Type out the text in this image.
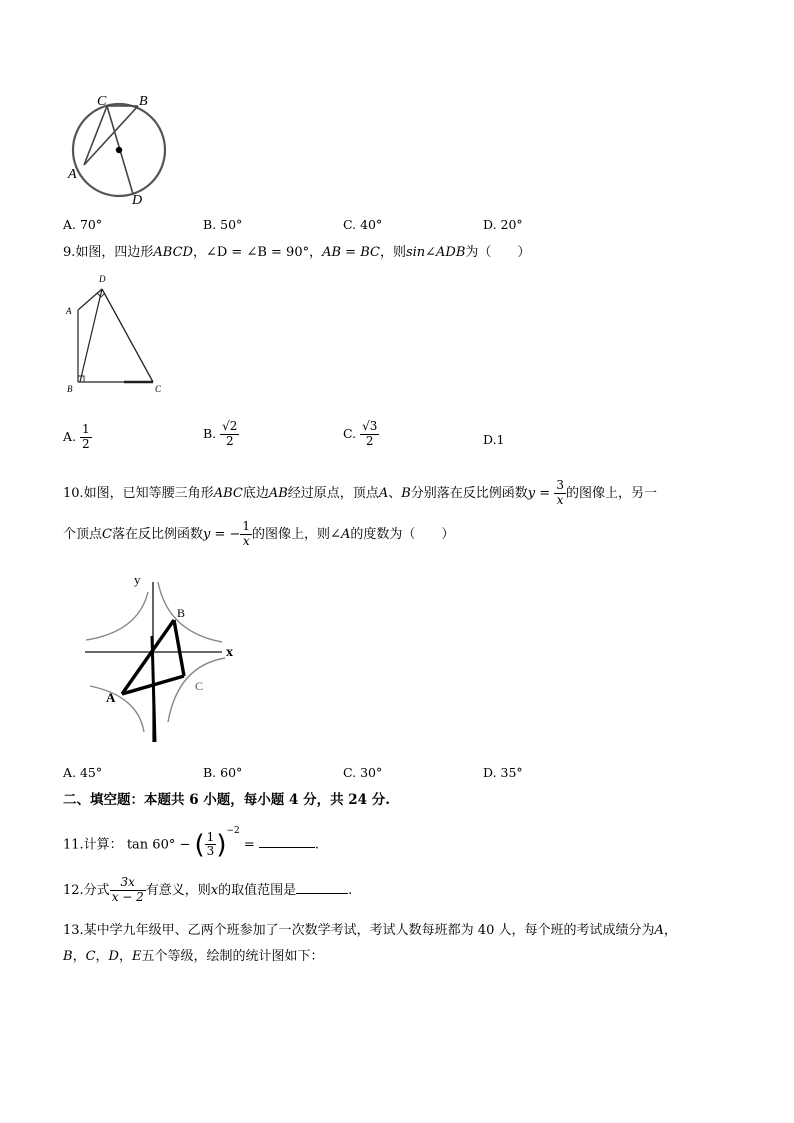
A
C B
D
A. 70°	B. 50°	C. 40°	D. 20°
9.如图，四边形ABCD，∠D = ∠B = 90°，AB = BC，则sin∠ADB为（　　）
D
A
B	C
A. $\frac{1}{2}$	B. $\frac{√2}{2}$	C. $\frac{√3}{2}$	D.1
10.如图，已知等腰三角形ABC底边AB经过原点，顶点A、B分别落在反比例函数$y = \frac{3}{x}$ 的图像上，另一
个顶点C落在反比例函数y = − $\frac{1}{x}$ 的图像上，则∠A的度数为（　　）
x
y
B
A
C
A. 45°	B. 60°	C. 30°	D. 35°
二、填空题：本题共 6 小题，每小题 4 分，共 24 分.
11.计算： tan 60° − ( $\frac{1}{3} )^{-2}$ =	.
12.分式 $\frac{3x}{x - 2}$ 有意义，则x的取值范围是	.
13.某中学九年级甲、乙两个班参加了一次数学考试，考试人数每班都为 40 人，每个班的考试成绩分为A，
B，C，D，E五个等级，绘制的统计图如下：
